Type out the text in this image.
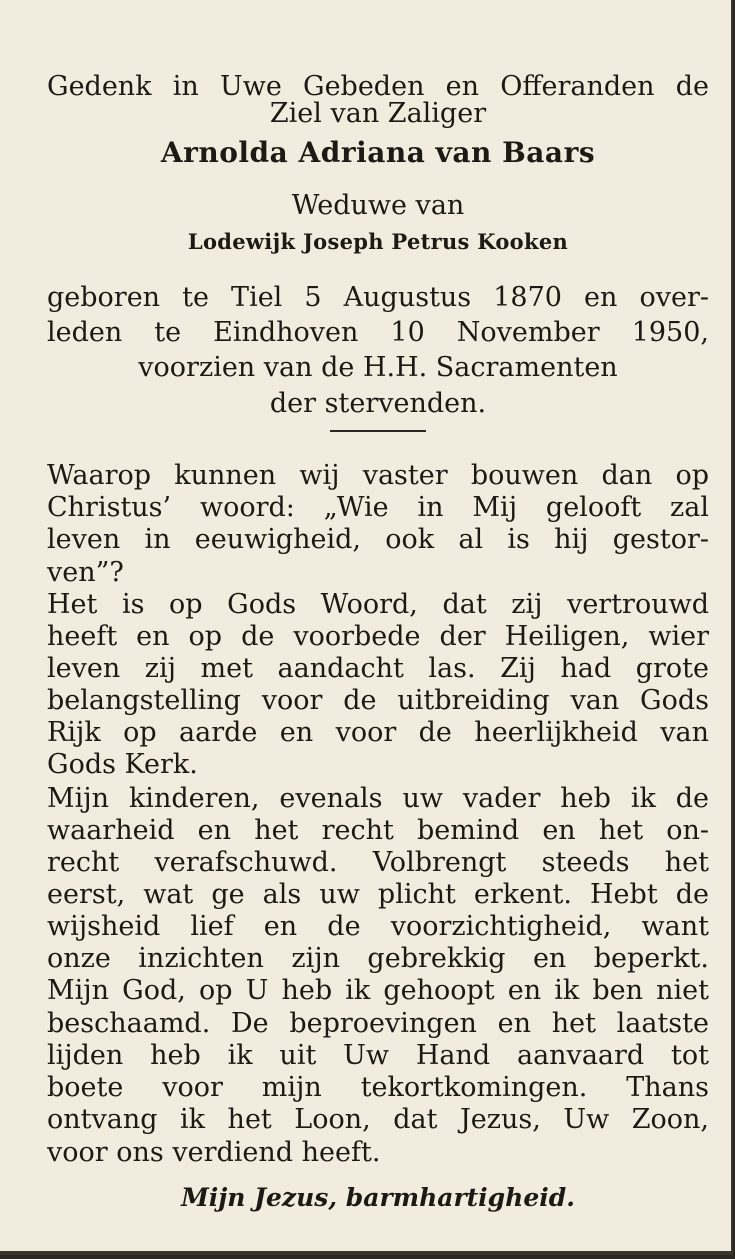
Gedenk in Uwe Gebeden en Offeranden de
Ziel van Zaliger
Arnolda Adriana van Baars
Weduwe van
Lodewijk Joseph Petrus Kooken
geboren te Tiel 5 Augustus 1870 en over-
leden te Eindhoven 10 November 1950,
voorzien van de H.H. Sacramenten
der stervenden.
Waarop kunnen wij vaster bouwen dan op
Christus’ woord: „Wie in Mij gelooft zal
leven in eeuwigheid, ook al is hij gestor-
ven”?
Het is op Gods Woord, dat zij vertrouwd
heeft en op de voorbede der Heiligen, wier
leven zij met aandacht las. Zij had grote
belangstelling voor de uitbreiding van Gods
Rijk op aarde en voor de heerlijkheid van
Gods Kerk.
Mijn kinderen, evenals uw vader heb ik de
waarheid en het recht bemind en het on-
recht verafschuwd. Volbrengt steeds het
eerst, wat ge als uw plicht erkent. Hebt de
wijsheid lief en de voorzichtigheid, want
onze inzichten zijn gebrekkig en beperkt.
Mijn God, op U heb ik gehoopt en ik ben niet
beschaamd. De beproevingen en het laatste
lijden heb ik uit Uw Hand aanvaard tot
boete voor mijn tekortkomingen. Thans
ontvang ik het Loon, dat Jezus, Uw Zoon,
voor ons verdiend heeft.
Mijn Jezus, barmhartigheid.
